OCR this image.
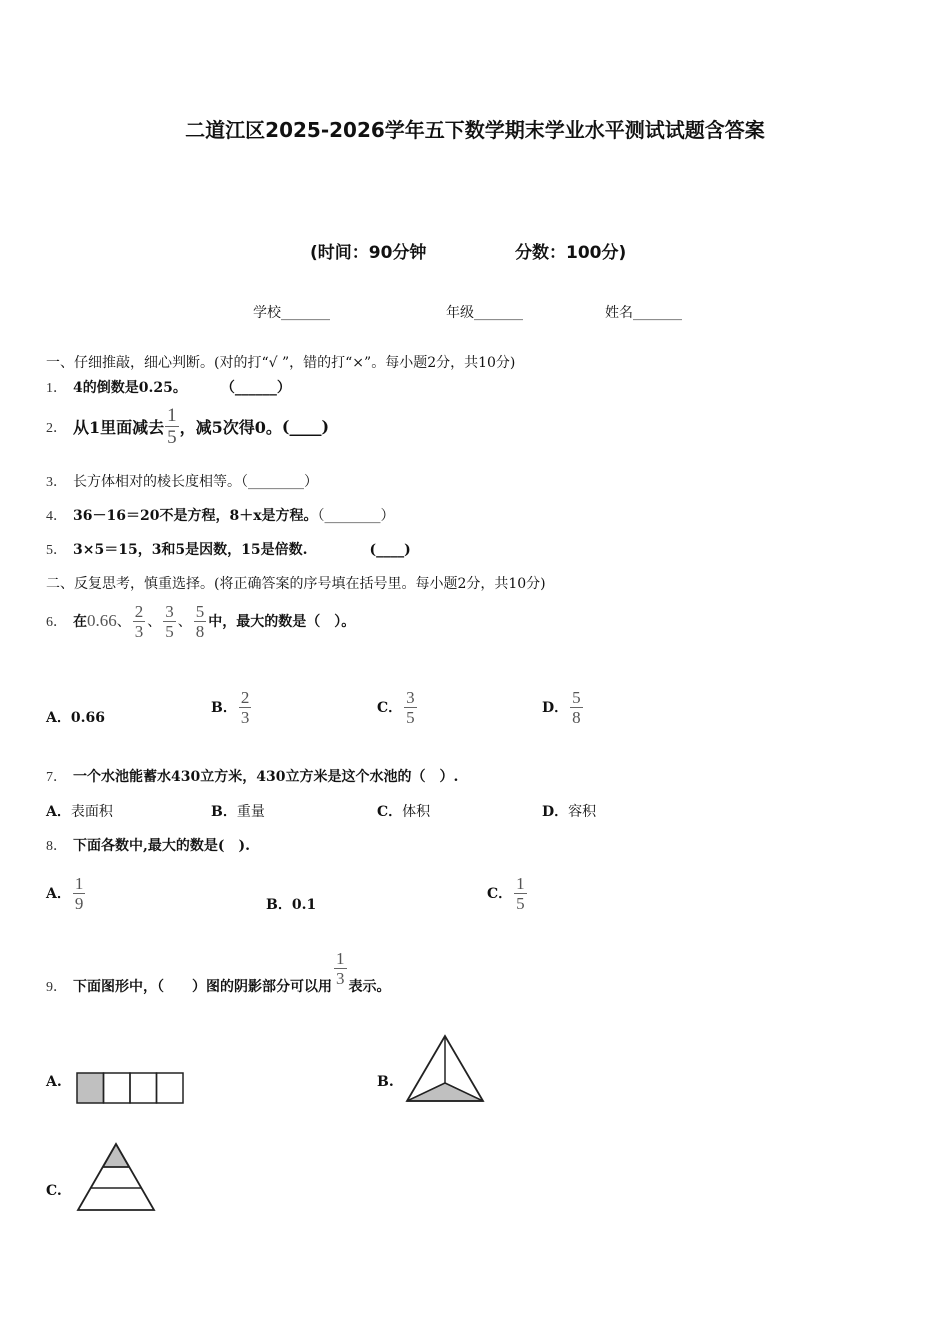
二道江区2025-2026学年五下数学期末学业水平测试试题含答案
(时间：90分钟	分数：100分)
学校_______	年级_______	姓名_______
一、仔细推敲，细心判断。(对的打“√ ”，错的打“×”。每小题2分，共10分)
1． 4的倒数是0.25。 （______）
2． 从1里面减去 $\frac{1}{5}$ ，减5次得0。 (____)
3． 长方体相对的棱长度相等。（________）
4． 36－16＝20不是方程，8＋x是方程。（________）
5． 3×5＝15，3和5是因数，15是倍数.	(____)
二、反复思考，慎重选择。(将正确答案的序号填在括号里。每小题2分，共10分)
6． 在 0.66 、 $\frac{2}{3}$ 、 $\frac{3}{5}$ 、 $\frac{5}{8}$ 中，最大的数是（　）。
A．0.66
B． $\frac{2}{3}$	C． $\frac{3}{5}$	D． $\frac{5}{8}$
7． 一个水池能蓄水430立方米，430立方米是这个水池的（　）.
A．表面积	B．重量	C．体积	D．容积
8． 下面各数中,最大的数是(　).
A． $\frac{1}{9}$	B．0.1
C． $\frac{1}{5}$
9． 下面图形中，（　　）图的阴影部分可以用 $\frac{1}{3}$ 表示。
A.	B.
C.
